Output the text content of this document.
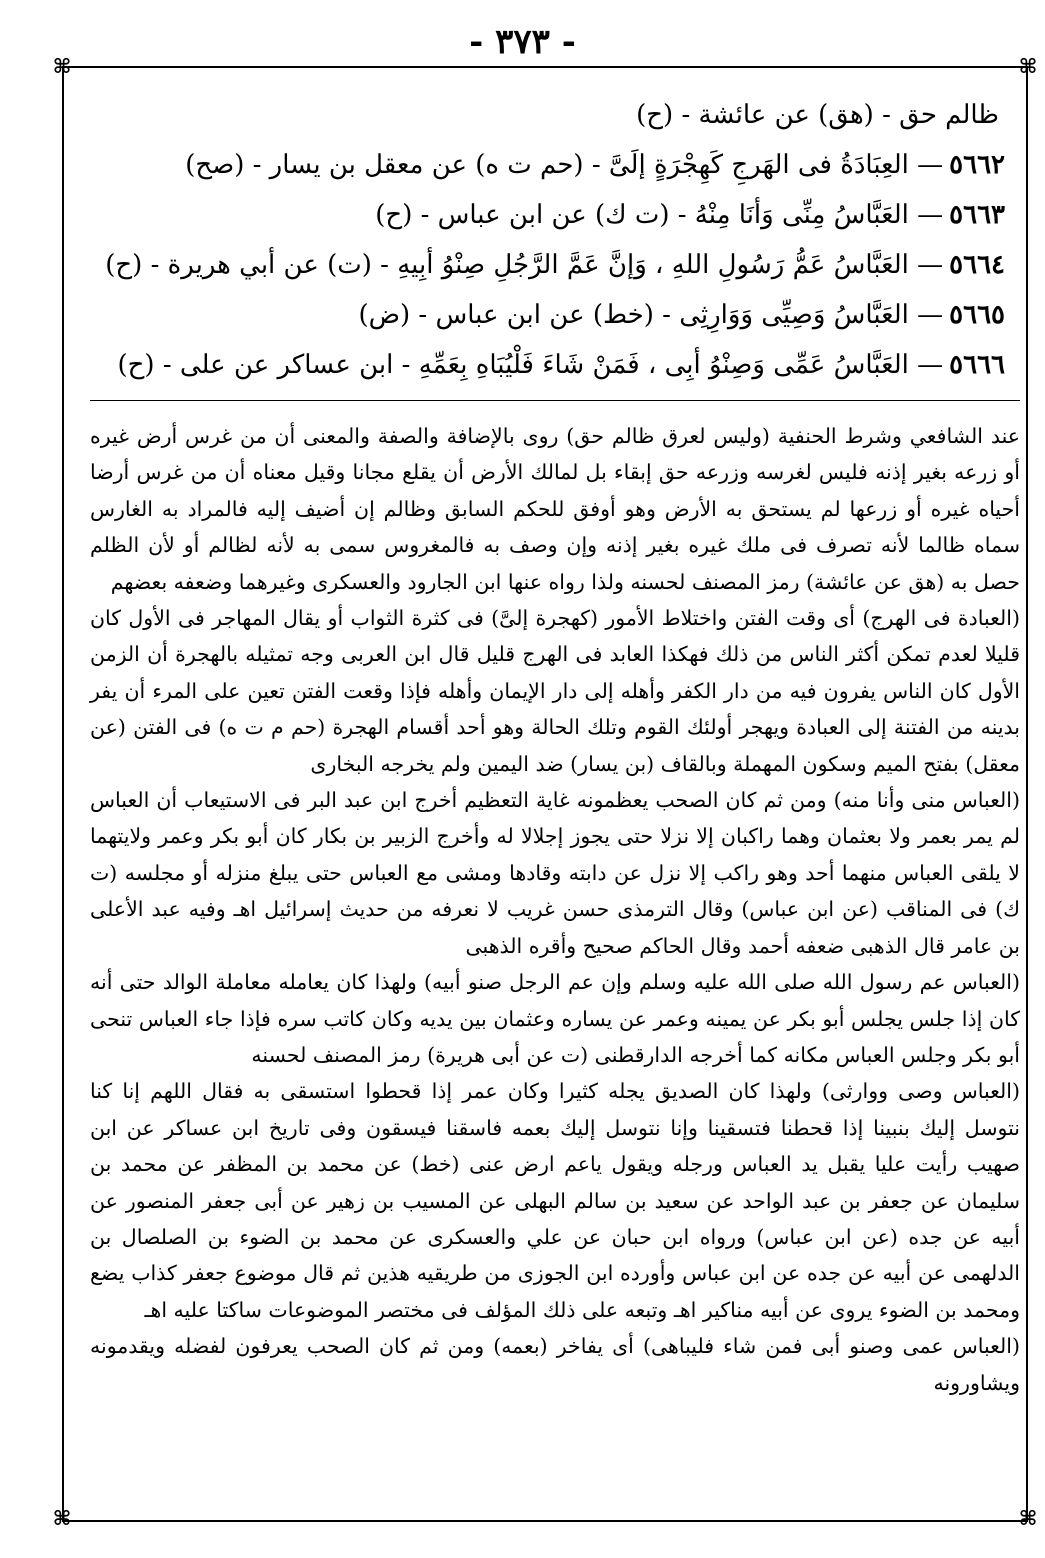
- ٣٧٣ -
⌘	⌘
⌘	⌘
ظالم حق - (هق) عن عائشة - (ح)
٥٦٦٢— العِبَادَةُ فى الهَرجِ كَهِجْرَةٍ إلَىَّ - (حم ت ه) عن معقل بن يسار - (صح)
٥٦٦٣— العَبَّاسُ مِنِّى وَأنَا مِنْهُ - (ت ك) عن ابن عباس - (ح)
٥٦٦٤— العَبَّاسُ عَمُّ رَسُولِ اللهِ ، وَإنَّ عَمَّ الرَّجُلِ صِنْوُ أبِيهِ - (ت) عن أبي هريرة - (ح)
٥٦٦٥— العَبَّاسُ وَصِيِّى وَوَارِثِى - (خط) عن ابن عباس - (ض)
٥٦٦٦— العَبَّاسُ عَمِّى وَصِنْوُ أبِى ، فَمَنْ شَاءَ فَلْيُبَاهِ بِعَمِّهِ - ابن عساكر عن على - (ح)

عند الشافعي وشرط الحنفية (وليس لعرق ظالم حق) روى بالإضافة والصفة والمعنى أن من غرس أرض غيره أو زرعه بغير إذنه فليس لغرسه وزرعه حق إبقاء بل لمالك الأرض أن يقلع مجانا وقيل معناه أن من غرس أرضا أحياه غيره أو زرعها لم يستحق به الأرض وهو أوفق للحكم السابق وظالم إن أضيف إليه فالمراد به الغارس سماه ظالما لأنه تصرف فى ملك غيره بغير إذنه وإن وصف به فالمغروس سمى به لأنه لظالم أو لأن الظلم حصل به (هق عن عائشة) رمز المصنف لحسنه ولذا رواه عنها ابن الجارود والعسكرى وغيرهما وضعفه بعضهم

(العبادة فى الهرج) أى وقت الفتن واختلاط الأمور (كهجرة إلىَّ) فى كثرة الثواب أو يقال المهاجر فى الأول كان قليلا لعدم تمكن أكثر الناس من ذلك فهكذا العابد فى الهرج قليل قال ابن العربى وجه تمثيله بالهجرة أن الزمن الأول كان الناس يفرون فيه من دار الكفر وأهله إلى دار الإيمان وأهله فإذا وقعت الفتن تعين على المرء أن يفر بدينه من الفتنة إلى العبادة ويهجر أولئك القوم وتلك الحالة وهو أحد أقسام الهجرة (حم م ت ه) فى الفتن (عن معقل) بفتح الميم وسكون المهملة وبالقاف (بن يسار) ضد اليمين ولم يخرجه البخارى

(العباس منى وأنا منه) ومن ثم كان الصحب يعظمونه غاية التعظيم أخرج ابن عبد البر فى الاستيعاب أن العباس لم يمر بعمر ولا بعثمان وهما راكبان إلا نزلا حتى يجوز إجلالا له وأخرج الزبير بن بكار كان أبو بكر وعمر ولايتهما لا يلقى العباس منهما أحد وهو راكب إلا نزل عن دابته وقادها ومشى مع العباس حتى يبلغ منزله أو مجلسه (ت ك) فى المناقب (عن ابن عباس) وقال الترمذى حسن غريب لا نعرفه من حديث إسرائيل اهـ وفيه عبد الأعلى بن عامر قال الذهبى ضعفه أحمد وقال الحاكم صحيح وأقره الذهبى

(العباس عم رسول الله صلى الله عليه وسلم وإن عم الرجل صنو أبيه) ولهذا كان يعامله معاملة الوالد حتى أنه كان إذا جلس يجلس أبو بكر عن يمينه وعمر عن يساره وعثمان بين يديه وكان كاتب سره فإذا جاء العباس تنحى أبو بكر وجلس العباس مكانه كما أخرجه الدارقطنى (ت عن أبى هريرة) رمز المصنف لحسنه

(العباس وصى ووارثى) ولهذا كان الصديق يجله كثيرا وكان عمر إذا قحطوا استسقى به فقال اللهم إنا كنا نتوسل إليك بنبينا إذا قحطنا فتسقينا وإنا نتوسل إليك بعمه فاسقنا فيسقون وفى تاريخ ابن عساكر عن ابن صهيب رأيت عليا يقبل يد العباس ورجله ويقول ياعم ارض عنى (خط) عن محمد بن المظفر عن محمد بن سليمان عن جعفر بن عبد الواحد عن سعيد بن سالم البهلى عن المسيب بن زهير عن أبى جعفر المنصور عن أبيه عن جده (عن ابن عباس) ورواه ابن حبان عن علي والعسكرى عن محمد بن الضوء بن الصلصال بن الدلهمى عن أبيه عن جده عن ابن عباس وأورده ابن الجوزى من طريقيه هذين ثم قال موضوع جعفر كذاب يضع ومحمد بن الضوء يروى عن أبيه مناكير اهـ وتبعه على ذلك المؤلف فى مختصر الموضوعات ساكتا عليه اهـ

(العباس عمى وصنو أبى فمن شاء فليباهى) أى يفاخر (بعمه) ومن ثم كان الصحب يعرفون لفضله ويقدمونه ويشاورونه
